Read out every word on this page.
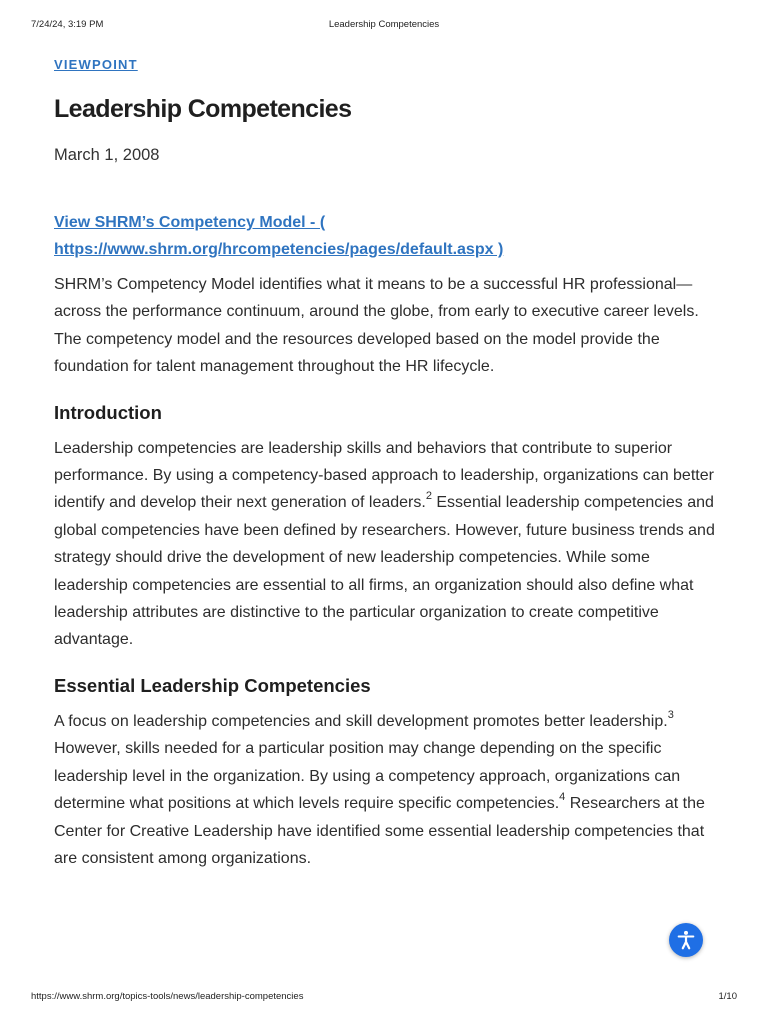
7/24/24, 3:19 PM	Leadership Competencies
VIEWPOINT
Leadership Competencies
March 1, 2008
View SHRM’s Competency Model - (
https://www.shrm.org/hrcompetencies/pages/default.aspx )

SHRM’s Competency Model identifies what it means to be a successful HR professional—across the performance continuum, around the globe, from early to executive career levels. The competency model and the resources developed based on the model provide the foundation for talent management throughout the HR lifecycle.

Introduction

Leadership competencies are leadership skills and behaviors that contribute to superior performance. By using a competency-based approach to leadership, organizations can better identify and develop their next generation of leaders.$^2$ Essential leadership competencies and global competencies have been defined by researchers. However, future business trends and strategy should drive the development of new leadership competencies. While some leadership competencies are essential to all firms, an organization should also define what leadership attributes are distinctive to the particular organization to create competitive advantage.

Essential Leadership Competencies

A focus on leadership competencies and skill development promotes better leadership.$^3$ However, skills needed for a particular position may change depending on the specific leadership level in the organization. By using a competency approach, organizations can determine what positions at which levels require specific competencies.$^4$ Researchers at the Center for Creative Leadership have identified some essential leadership competencies that are consistent among organizations.

https://www.shrm.org/topics-tools/news/leadership-competencies	1/10
